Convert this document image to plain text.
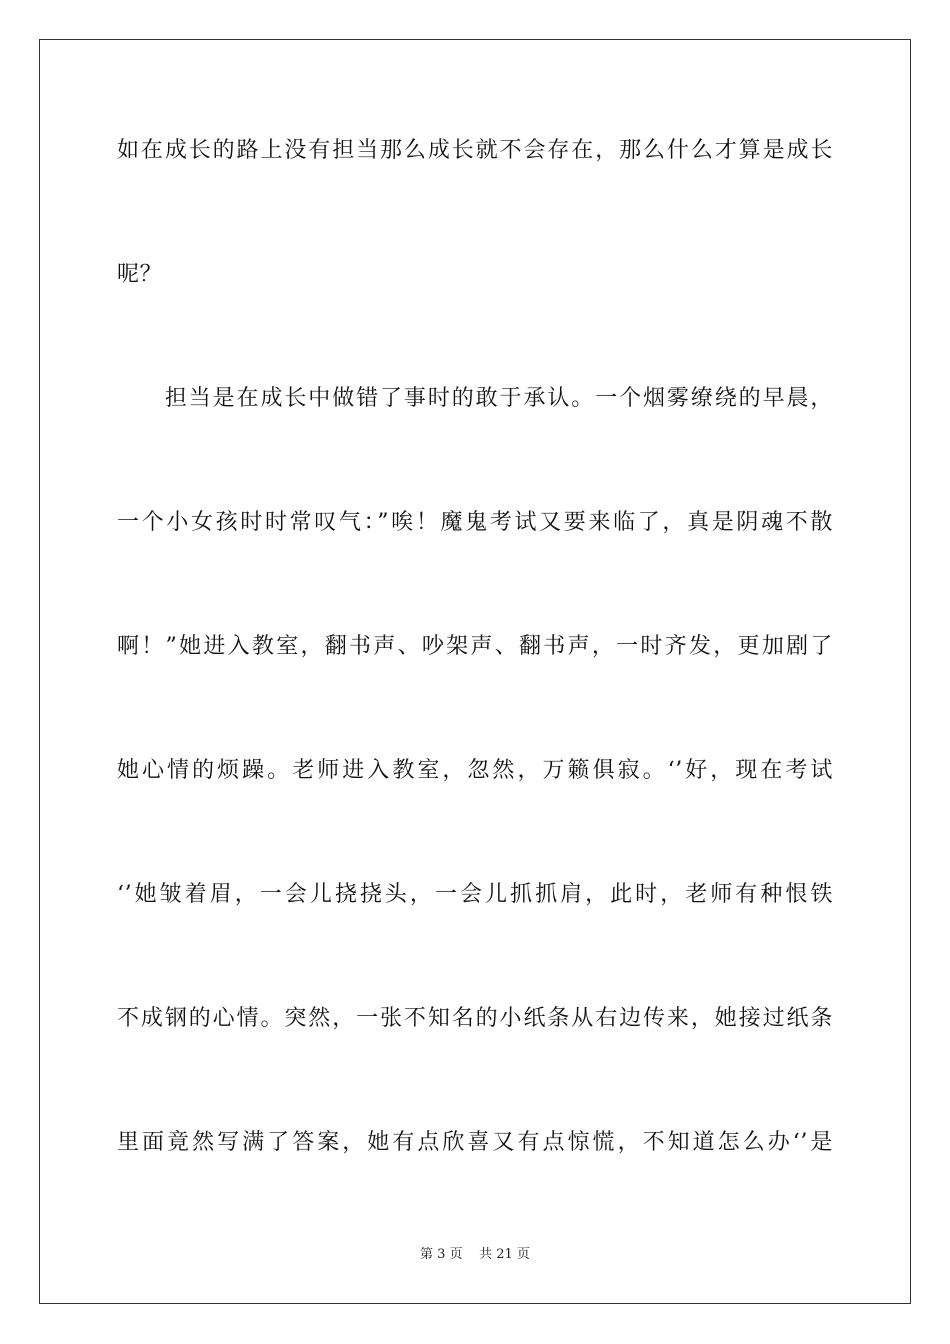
如在成长的路上没有担当那么成长就不会存在，那么什么才算是成长
呢？
　　担当是在成长中做错了事时的敢于承认。一个烟雾缭绕的早晨，
一个小女孩时时常叹气：”唉！魔鬼考试又要来临了，真是阴魂不散
啊！”她进入教室，翻书声、吵架声、翻书声，一时齐发，更加剧了
她心情的烦躁。老师进入教室，忽然，万籁俱寂。‘’好，现在考试
‘’她皱着眉，一会儿挠挠头，一会儿抓抓肩，此时，老师有种恨铁
不成钢的心情。突然，一张不知名的小纸条从右边传来，她接过纸条
里面竟然写满了答案，她有点欣喜又有点惊慌，不知道怎么办‘’是
第 3 页 共 21 页
